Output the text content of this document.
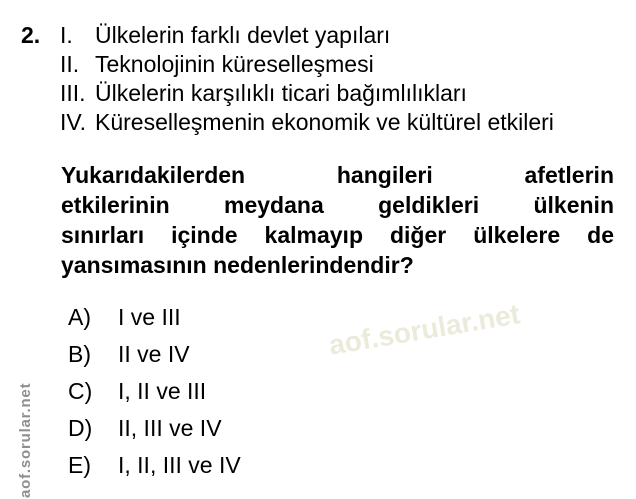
2. I. Ülkelerin farklı devlet yapıları
II. Teknolojinin küreselleşmesi
III. Ülkelerin karşılıklı ticari bağımlılıkları
IV. Küreselleşmenin ekonomik ve kültürel etkileri
Yukarıdakilerden hangileri afetlerin
etkilerinin meydana geldikleri ülkenin
sınırları içinde kalmayıp diğer ülkelere de
yansımasının nedenlerindendir?
A)	I ve III
B)	II ve IV
C)	I, II ve III
D)	II, III ve IV
E)	I, II, III ve IV
aof.sorular.net
aof.sorular.net
